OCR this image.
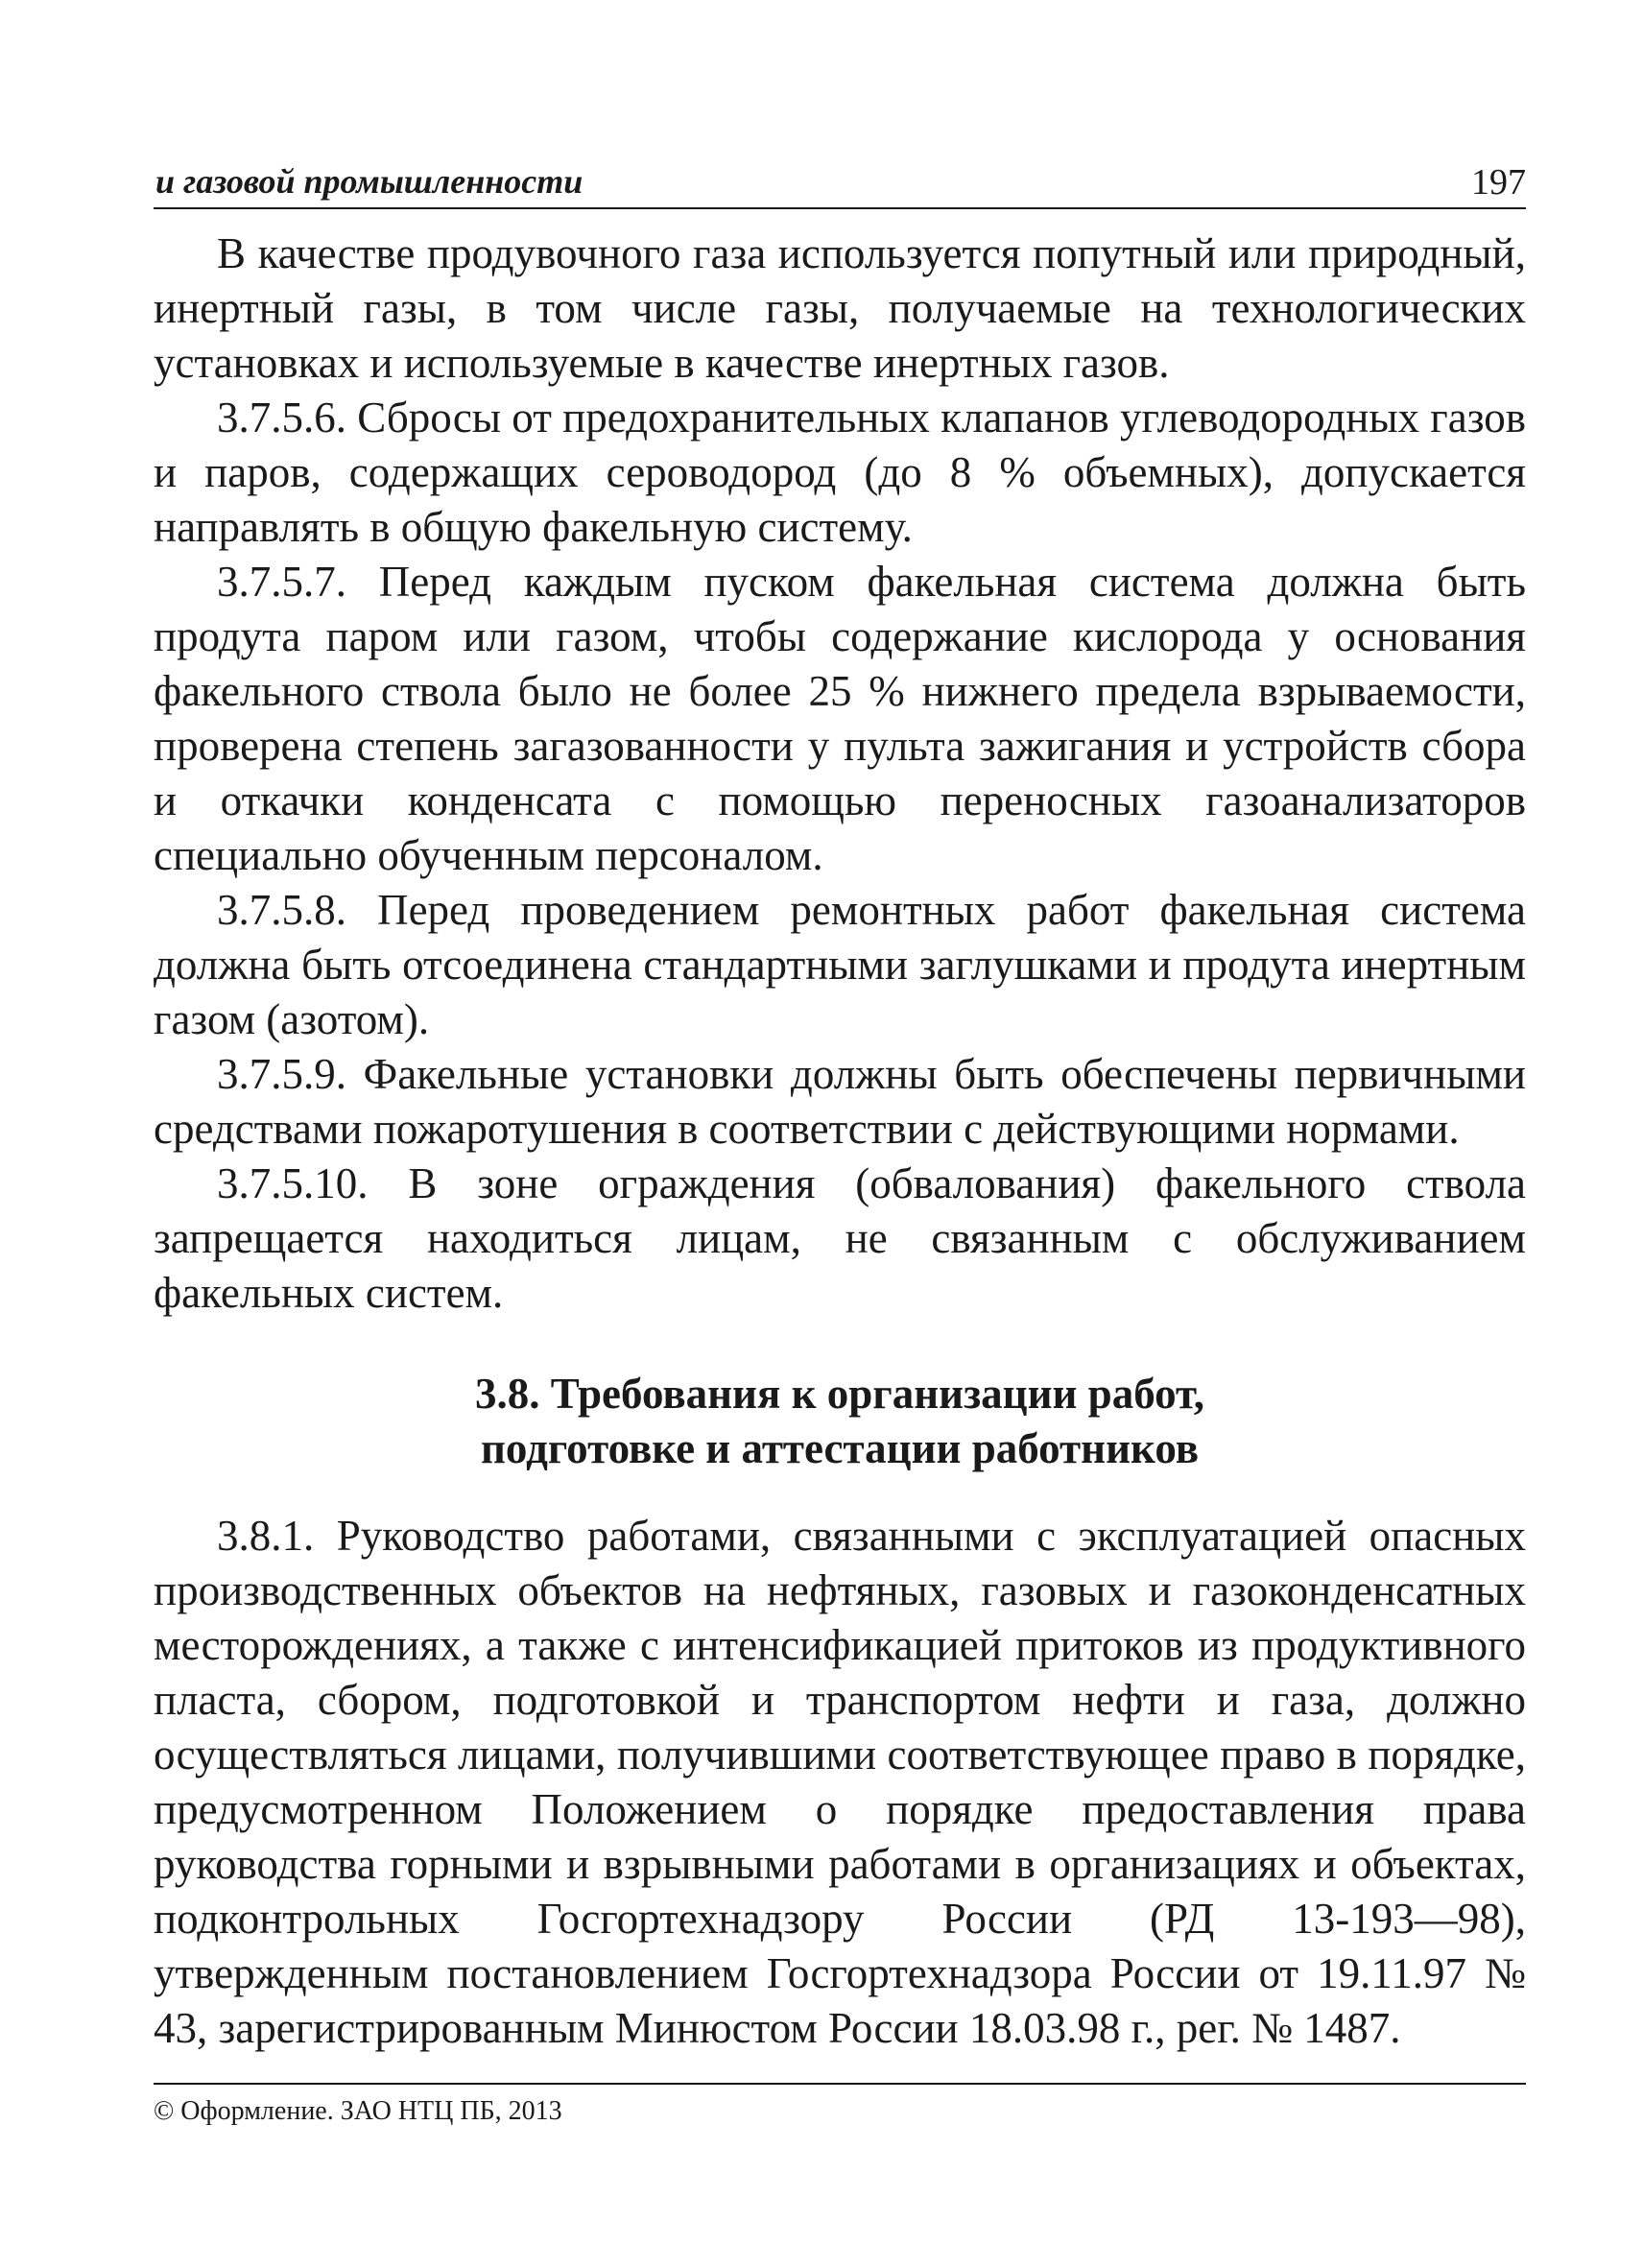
и газовой промышленности	197

В качестве продувочного газа используется попутный или природный, инертный газы, в том числе газы, получаемые на технологических установках и используемые в качестве инертных газов.

3.7.5.6. Сбросы от предохранительных клапанов углеводородных газов и паров, содержащих сероводород (до 8 % объемных), допускается направлять в общую факельную систему.

3.7.5.7. Перед каждым пуском факельная система должна быть продута паром или газом, чтобы содержание кислорода у основания факельного ствола было не более 25 % нижнего предела взрываемости, проверена степень загазованности у пульта зажигания и устройств сбора и откачки конденсата с помощью переносных газоанализаторов специально обученным персоналом.

3.7.5.8. Перед проведением ремонтных работ факельная система должна быть отсоединена стандартными заглушками и продута инертным газом (азотом).

3.7.5.9. Факельные установки должны быть обеспечены первичными средствами пожаротушения в соответствии с действующими нормами.

3.7.5.10. В зоне ограждения (обвалования) факельного ствола запрещается находиться лицам, не связанным с обслуживанием факельных систем.

3.8. Требования к организации работ,
подготовке и аттестации работников

3.8.1. Руководство работами, связанными с эксплуатацией опасных производственных объектов на нефтяных, газовых и газоконденсатных месторождениях, а также с интенсификацией притоков из продуктивного пласта, сбором, подготовкой и транспортом нефти и газа, должно осуществляться лицами, получившими соответствующее право в порядке, предусмотренном Положением о порядке предоставления права руководства горными и взрывными работами в организациях и объектах, подконтрольных Госгортехнадзору России (РД 13-193—98), утвержденным постановлением Госгортехнадзора России от 19.11.97 № 43, зарегистрированным Минюстом России 18.03.98 г., рег. № 1487.

© Оформление. ЗАО НТЦ ПБ, 2013
